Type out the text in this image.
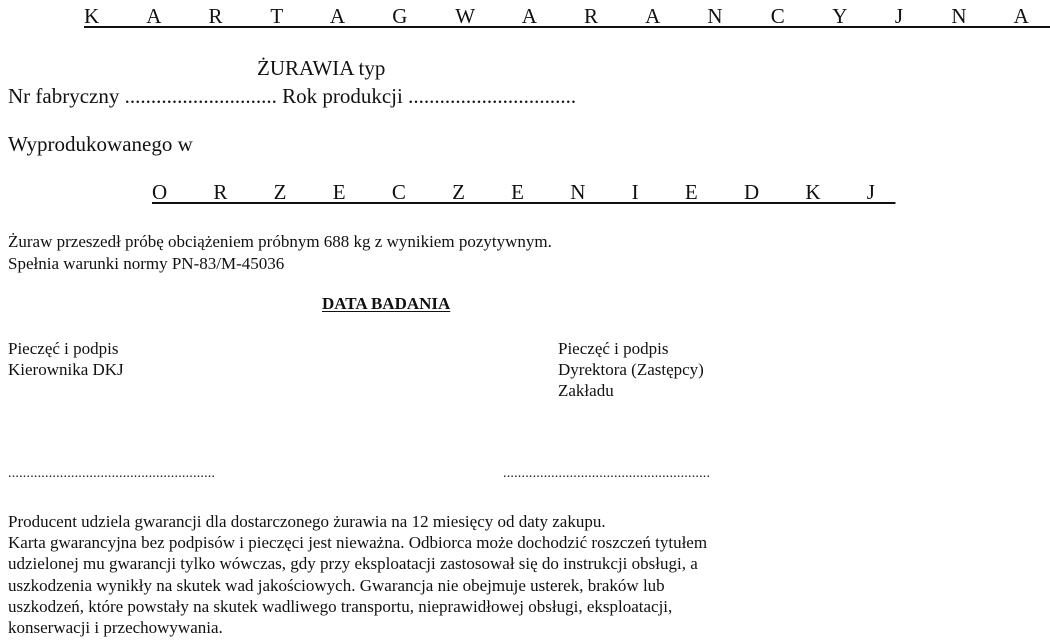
K A R T A G W A R A N C Y J N A
ŻURAWIA typ
Nr fabryczny ............................. Rok produkcji ................................
Wyprodukowanego w
O R Z E C Z E N I E D K J
Żuraw przeszedł próbę obciążeniem próbnym 688 kg z wynikiem pozytywnym.
Spełnia warunki normy PN-83/M-45036
DATA BADANIA
Pieczęć i podpis
Kierownika DKJ
Pieczęć i podpis
Dyrektora (Zastępcy)
Zakładu
........................................................	........................................................
Producent udziela gwarancji dla dostarczonego żurawia na 12 miesięcy od daty zakupu.
Karta gwarancyjna bez podpisów i pieczęci jest nieważna. Odbiorca może dochodzić roszczeń tytułem
udzielonej mu gwarancji tylko wówczas, gdy przy eksploatacji zastosował się do instrukcji obsługi, a
uszkodzenia wynikły na skutek wad jakościowych. Gwarancja nie obejmuje usterek, braków lub
uszkodzeń, które powstały na skutek wadliwego transportu, nieprawidłowej obsługi, eksploatacji,
konserwacji i przechowywania.
